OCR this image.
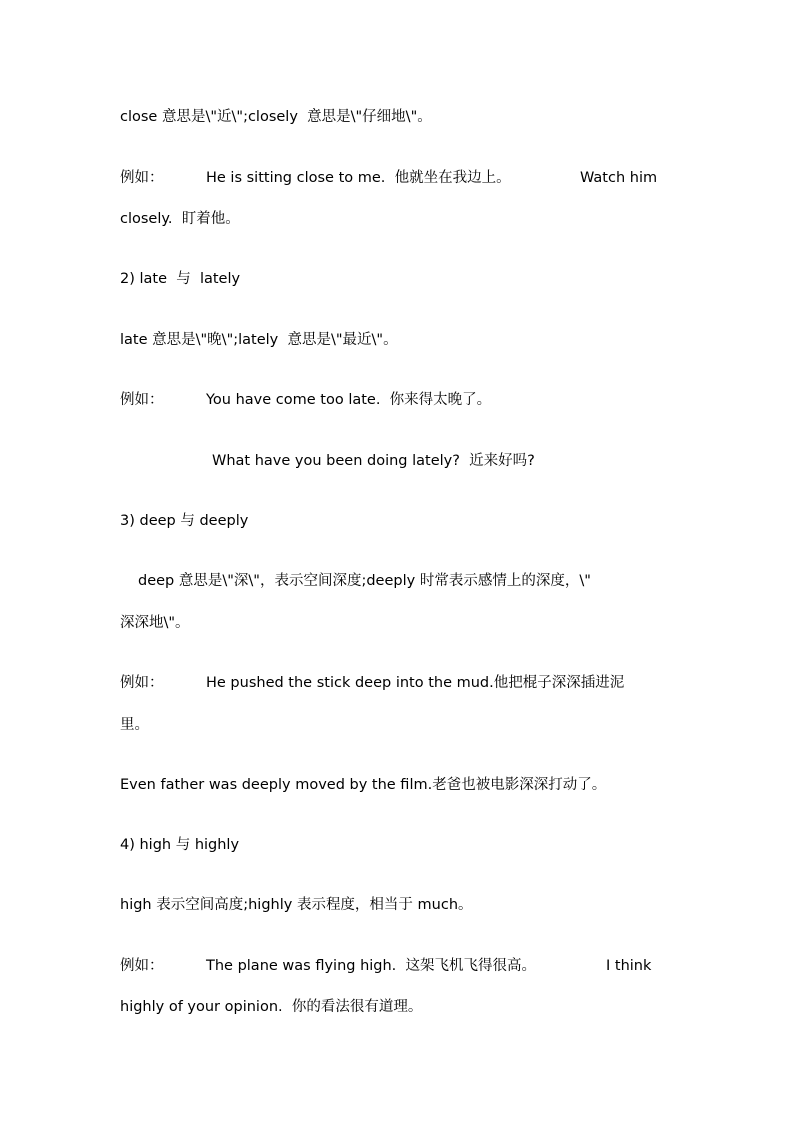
close 意思是\"近\";closely  意思是\"仔细地\"。
例如：	He is sitting close to me.  他就坐在我边上。	Watch him
closely.  盯着他。
2) late  与  lately
late 意思是\"晚\";lately  意思是\"最近\"。
例如：	You have come too late.  你来得太晚了。
What have you been doing lately?  近来好吗?
3) deep 与 deeply
deep 意思是\"深\"，表示空间深度;deeply 时常表示感情上的深度，\"
深深地\"。
例如：	He pushed the stick deep into the mud.他把棍子深深插进泥
里。
Even father was deeply moved by the film.老爸也被电影深深打动了。
4) high 与 highly
high 表示空间高度;highly 表示程度，相当于 much。
例如：	The plane was flying high.  这架飞机飞得很高。	I think
highly of your opinion.  你的看法很有道理。
